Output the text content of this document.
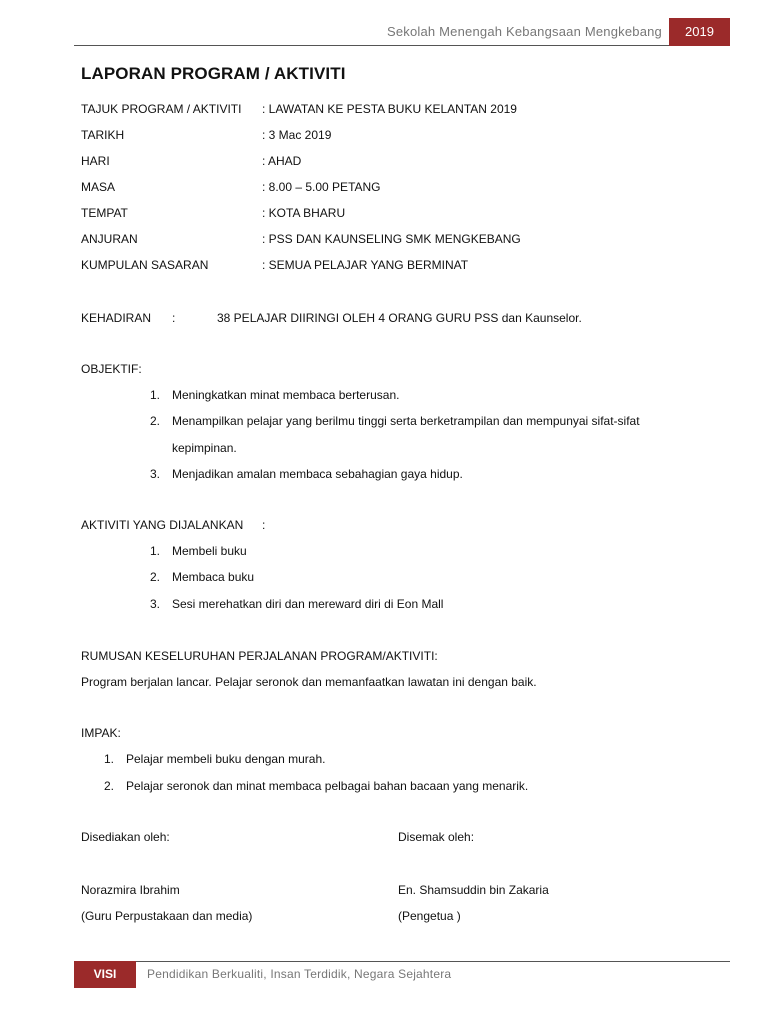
Sekolah Menengah Kebangsaan Mengkebang	2019
LAPORAN PROGRAM / AKTIVITI
TAJUK PROGRAM / AKTIVITI : LAWATAN KE PESTA BUKU KELANTAN 2019
TARIKH	: 3 Mac 2019
HARI	: AHAD
MASA	: 8.00 – 5.00 PETANG
TEMPAT	: KOTA BHARU
ANJURAN	: PSS DAN KAUNSELING SMK MENGKEBANG
KUMPULAN SASARAN	: SEMUA PELAJAR YANG BERMINAT
KEHADIRAN :	38 PELAJAR DIIRINGI OLEH 4 ORANG GURU PSS dan Kaunselor.
OBJEKTIF:
1. Meningkatkan minat membaca berterusan.
2. Menampilkan pelajar yang berilmu tinggi serta berketrampilan dan mempunyai sifat-sifat
kepimpinan.
3. Menjadikan amalan membaca sebahagian gaya hidup.
AKTIVITI YANG DIJALANKAN :
1. Membeli buku
2. Membaca buku
3. Sesi merehatkan diri dan mereward diri di Eon Mall
RUMUSAN KESELURUHAN PERJALANAN PROGRAM/AKTIVITI:
Program berjalan lancar. Pelajar seronok dan memanfaatkan lawatan ini dengan baik.
IMPAK:
1. Pelajar membeli buku dengan murah.
2. Pelajar seronok dan minat membaca pelbagai bahan bacaan yang menarik.
Disediakan oleh:	Disemak oleh:
Norazmira Ibrahim	En. Shamsuddin bin Zakaria
(Guru Perpustakaan dan media)	(Pengetua )
VISI	Pendidikan Berkualiti, Insan Terdidik, Negara Sejahtera
